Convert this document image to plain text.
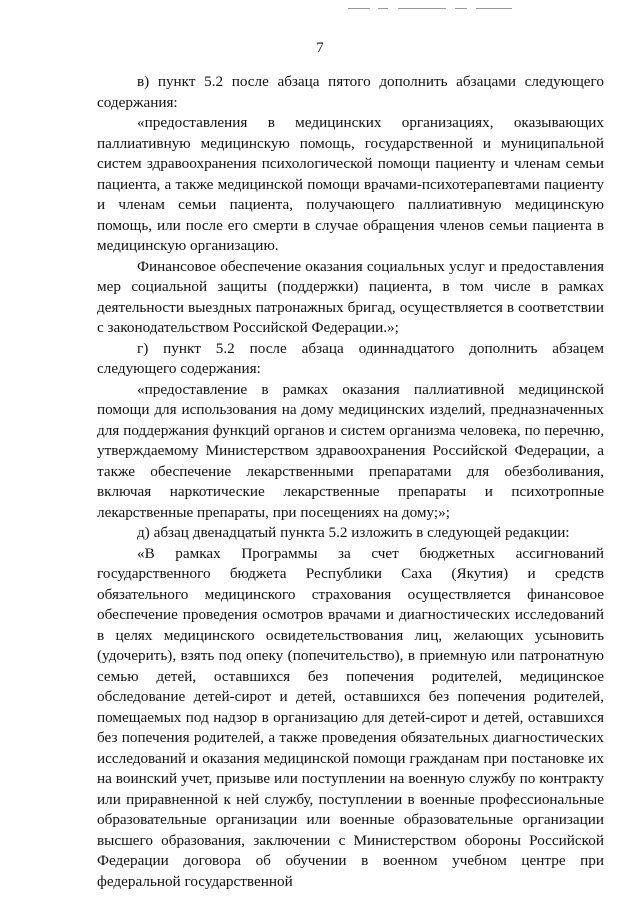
7

в) пункт 5.2 после абзаца пятого дополнить абзацами следующего содержания:

«предоставления в медицинских организациях, оказывающих паллиативную медицинскую помощь, государственной и муниципальной систем здравоохранения психологической помощи пациенту и членам семьи пациента, а также медицинской помощи врачами-психотерапевтами пациенту и членам семьи пациента, получающего паллиативную медицинскую помощь, или после его смерти в случае обращения членов семьи пациента в медицинскую организацию.

Финансовое обеспечение оказания социальных услуг и предоставления мер социальной защиты (поддержки) пациента, в том числе в рамках деятельности выездных патронажных бригад, осуществляется в соответствии с законодательством Российской Федерации.»;

г) пункт 5.2 после абзаца одиннадцатого дополнить абзацем следующего содержания:

«предоставление в рамках оказания паллиативной медицинской помощи для использования на дому медицинских изделий, предназначенных для поддержания функций органов и систем организма человека, по перечню, утверждаемому Министерством здравоохранения Российской Федерации, а также обеспечение лекарственными препаратами для обезболивания, включая наркотические лекарственные препараты и психотропные лекарственные препараты, при посещениях на дому;»;

д) абзац двенадцатый пункта 5.2 изложить в следующей редакции:

«В рамках Программы за счет бюджетных ассигнований государственного бюджета Республики Саха (Якутия) и средств обязательного медицинского страхования осуществляется финансовое обеспечение проведения осмотров врачами и диагностических исследований в целях медицинского освидетельствования лиц, желающих усыновить (удочерить), взять под опеку (попечительство), в приемную или патронатную семью детей, оставшихся без попечения родителей, медицинское обследование детей-сирот и детей, оставшихся без попечения родителей, помещаемых под надзор в организацию для детей-сирот и детей, оставшихся без попечения родителей, а также проведения обязательных диагностических исследований и оказания медицинской помощи гражданам при постановке их на воинский учет, призыве или поступлении на военную службу по контракту или приравненной к ней службу, поступлении в военные профессиональные образовательные организации или военные образовательные организации высшего образования, заключении с Министерством обороны Российской Федерации договора об обучении в военном учебном центре при федеральной государственной
